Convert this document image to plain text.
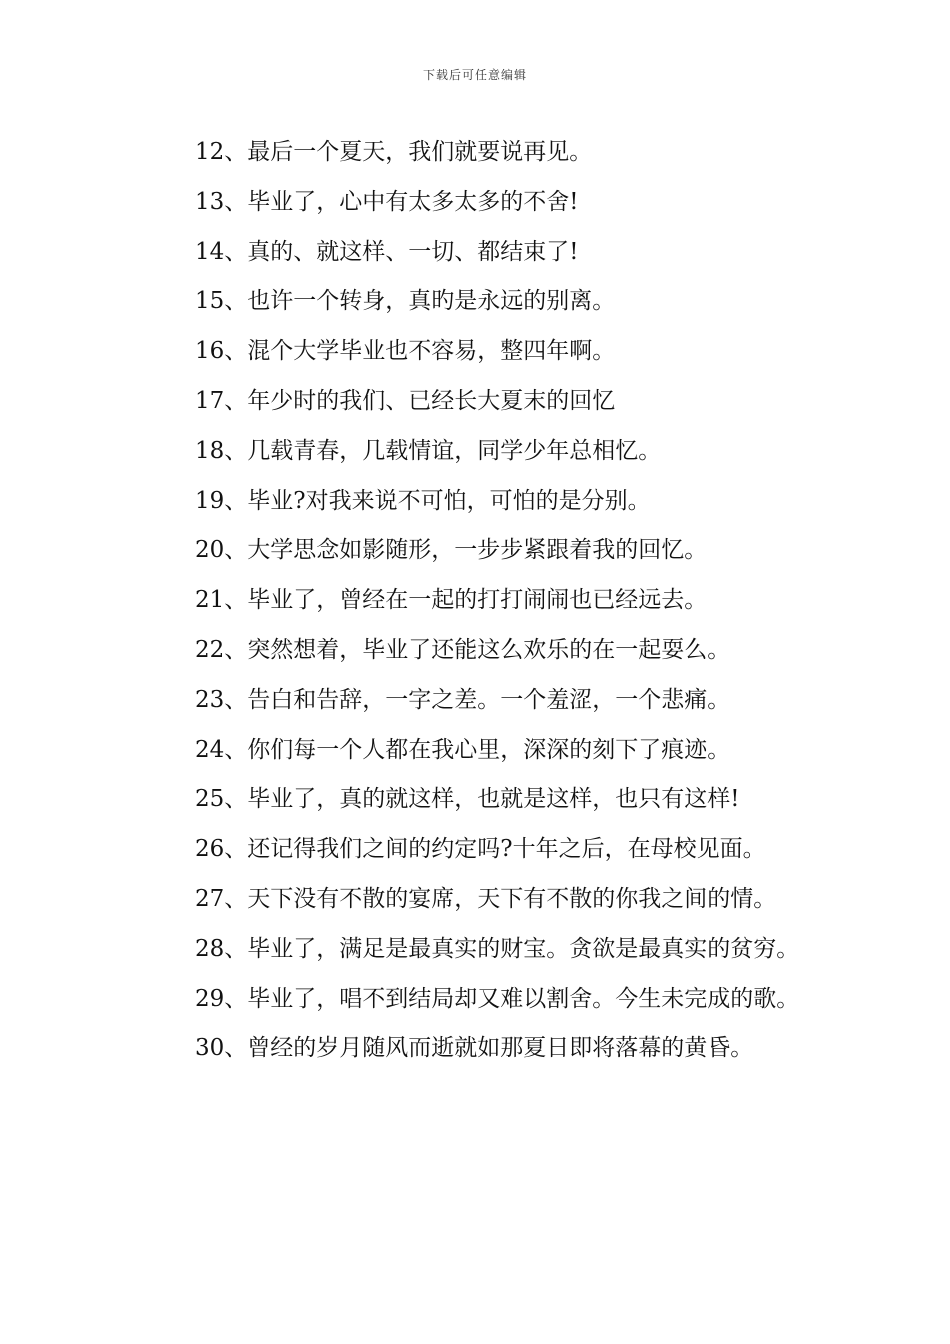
下载后可任意编辑

12、最后一个夏天，我们就要说再见。

13、毕业了，心中有太多太多的不舍!

14、真的、就这样、一切、都结束了!

15、也许一个转身，真旳是永远的别离。

16、混个大学毕业也不容易，整四年啊。

17、年少时的我们、已经长大夏末的回忆

18、几载青春，几载情谊，同学少年总相忆。

19、毕业?对我来说不可怕，可怕的是分别。

20、大学思念如影随形，一步步紧跟着我的回忆。

21、毕业了，曾经在一起的打打闹闹也已经远去。

22、突然想着，毕业了还能这么欢乐的在一起耍么。

23、告白和告辞，一字之差。一个羞涩，一个悲痛。

24、你们每一个人都在我心里，深深的刻下了痕迹。

25、毕业了，真的就这样，也就是这样，也只有这样!

26、还记得我们之间的约定吗?十年之后，在母校见面。

27、天下没有不散的宴席，天下有不散的你我之间的情。

28、毕业了，满足是最真实的财宝。贪欲是最真实的贫穷。

29、毕业了，唱不到结局却又难以割舍。今生未完成的歌。

30、曾经的岁月随风而逝就如那夏日即将落幕的黄昏。
